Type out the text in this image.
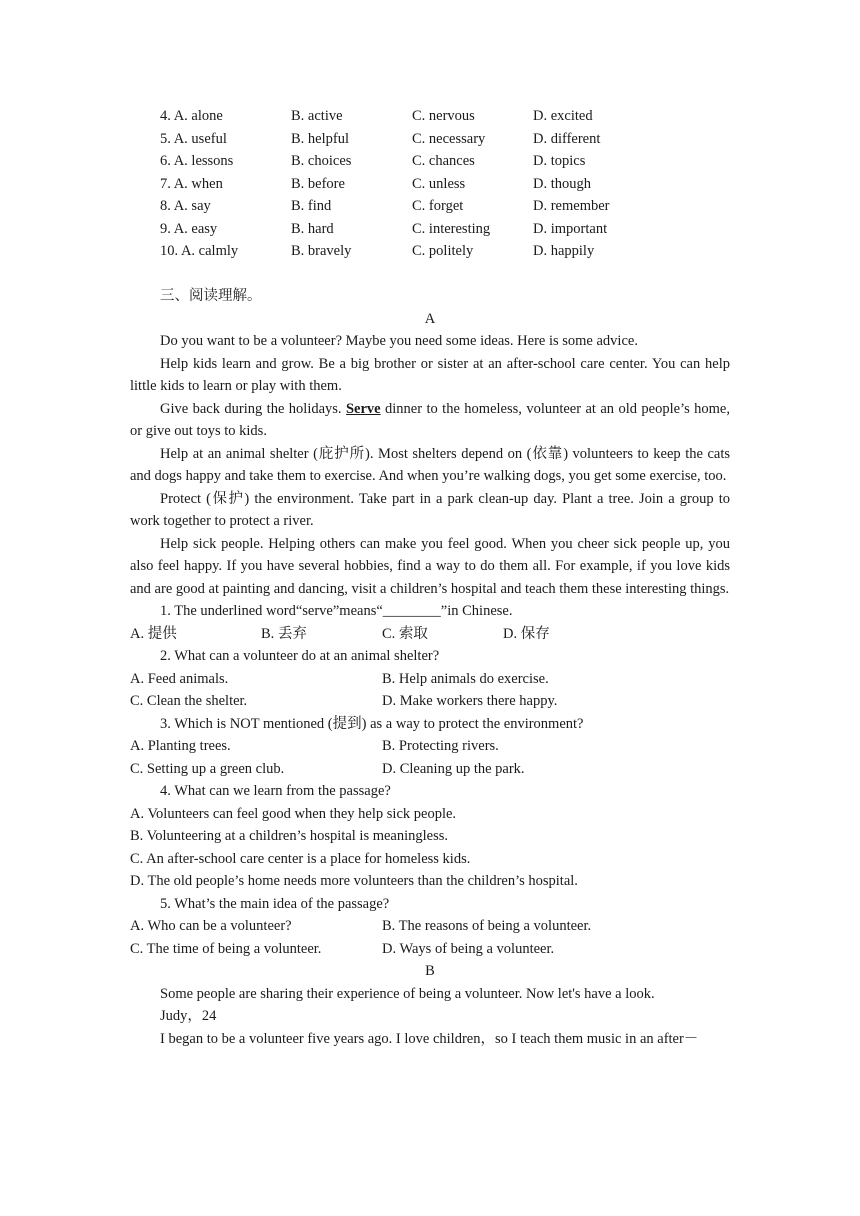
4. A. alone	B. active	C. nervous	D. excited
5. A. useful	B. helpful	C. necessary	D. different
6. A. lessons	B. choices	C. chances	D. topics
7. A. when	B. before	C. unless	D. though
8. A. say	B. find	C. forget	D. remember
9. A. easy	B. hard	C. interesting	D. important
10. A. calmly	B. bravely	C. politely	D. happily
三、阅读理解。
A

Do you want to be a volunteer? Maybe you need some ideas. Here is some advice.

Help kids learn and grow. Be a big brother or sister at an after-school care center. You can help little kids to learn or play with them.

Give back during the holidays. Serve dinner to the homeless, volunteer at an old people’s home, or give out toys to kids.

Help at an animal shelter (庇护所). Most shelters depend on (依靠) volunteers to keep the cats and dogs happy and take them to exercise. And when you’re walking dogs, you get some exercise, too.

Protect (保护) the environment. Take part in a park clean-up day. Plant a tree. Join a group to work together to protect a river.

Help sick people. Helping others can make you feel good. When you cheer sick people up, you also feel happy. If you have several hobbies, find a way to do them all. For example, if you love kids and are good at painting and dancing, visit a children’s hospital and teach them these interesting things.

1. The underlined word“serve”means“________”in Chinese.
A. 提供	B. 丢弃	C. 索取	D. 保存
2. What can a volunteer do at an animal shelter?
A. Feed animals.	B. Help animals do exercise.
C. Clean the shelter.	D. Make workers there happy.
3. Which is NOT mentioned (提到) as a way to protect the environment?
A. Planting trees.	B. Protecting rivers.
C. Setting up a green club.	D. Cleaning up the park.
4. What can we learn from the passage?
A. Volunteers can feel good when they help sick people.
B. Volunteering at a children’s hospital is meaningless.
C. An after-school care center is a place for homeless kids.
D. The old people’s home needs more volunteers than the children’s hospital.
5. What’s the main idea of the passage?
A. Who can be a volunteer?	B. The reasons of being a volunteer.
C. The time of being a volunteer.	D. Ways of being a volunteer.
B
Some people are sharing their experience of being a volunteer. Now let's have a look.
Judy，24
I began to be a volunteer five years ago. I love children，so I teach them music in an after－
